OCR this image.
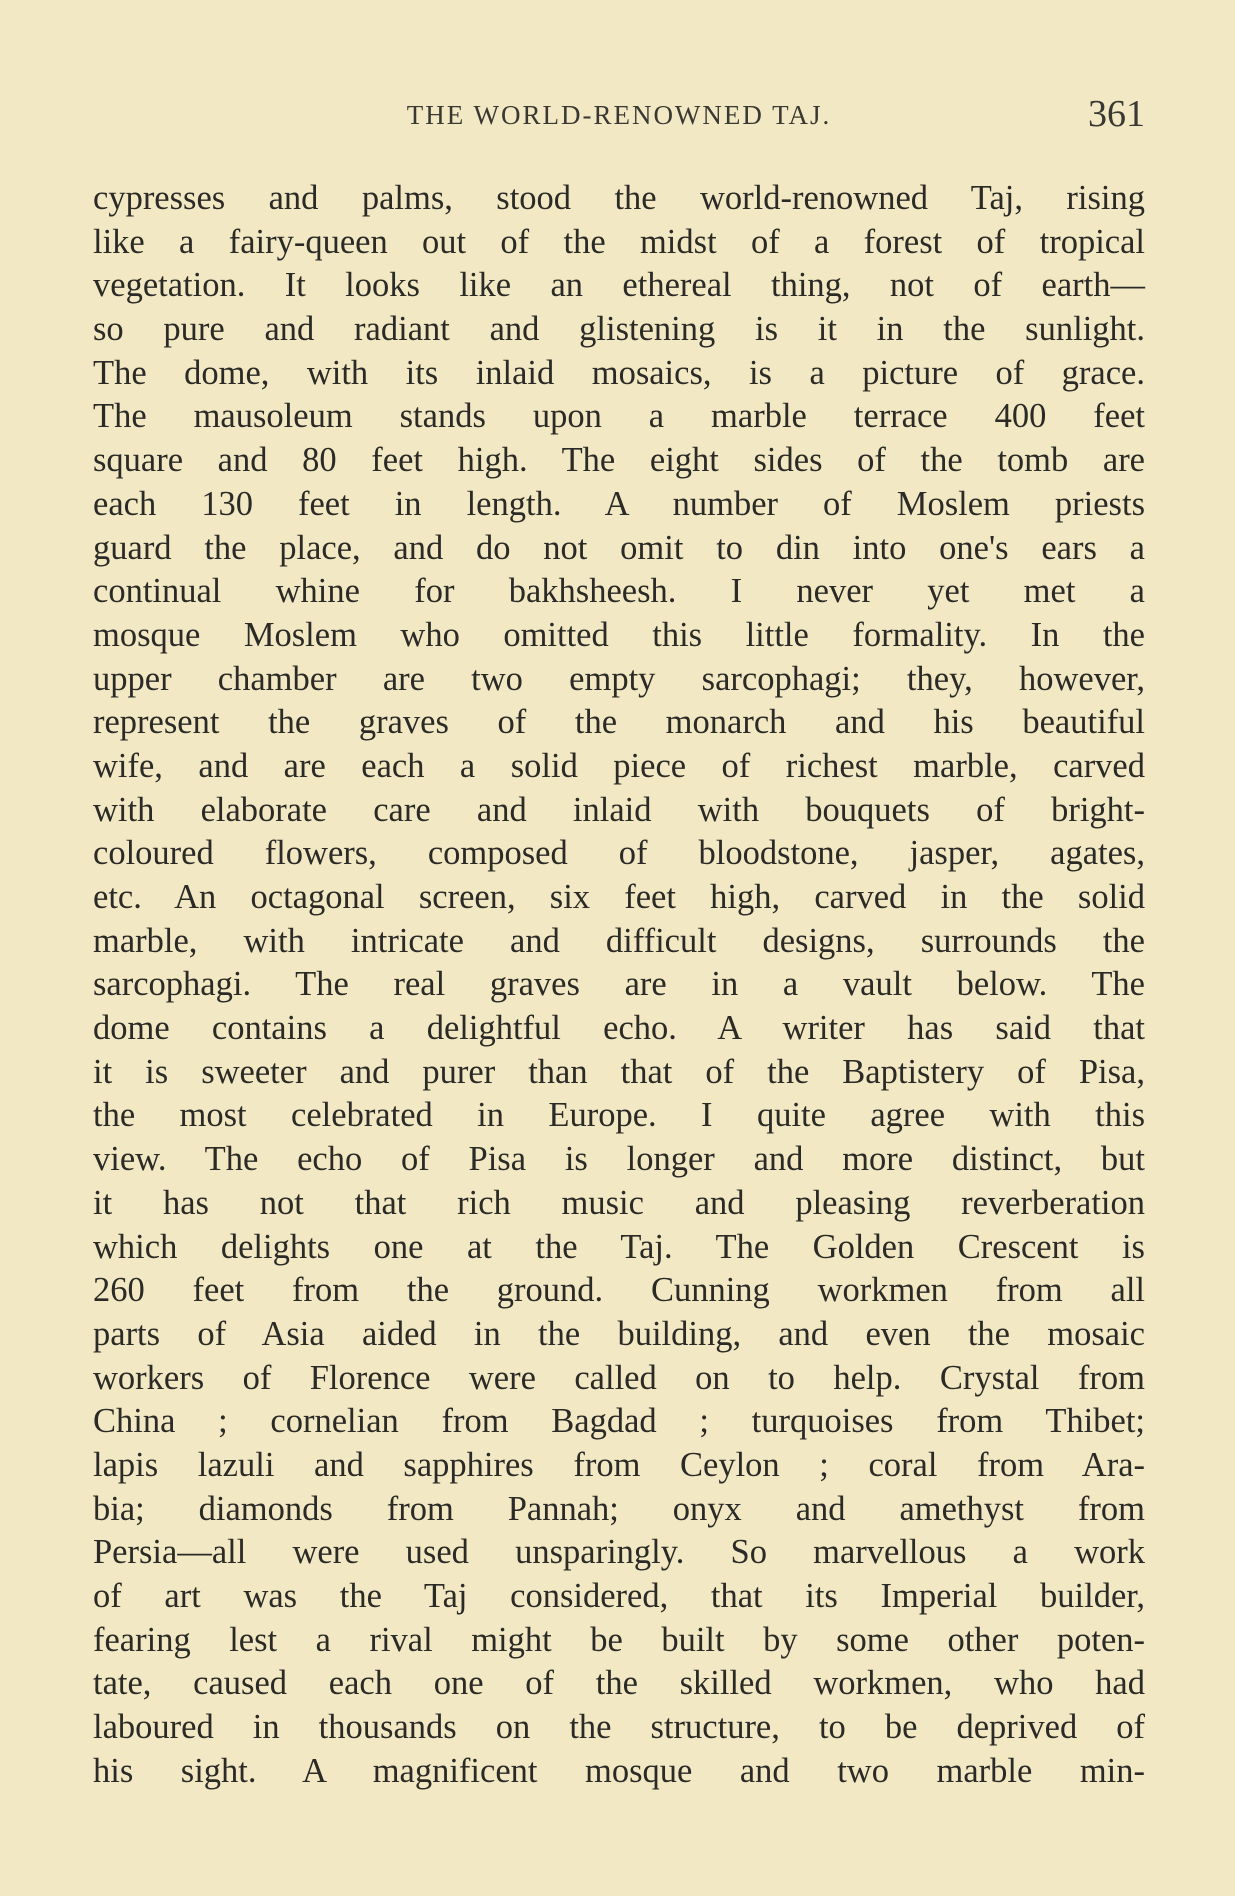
THE WORLD-RENOWNED TAJ.	361
cypresses and palms, stood the world-renowned Taj, rising
like a fairy-queen out of the midst of a forest of tropical
vegetation. It looks like an ethereal thing, not of earth—
so pure and radiant and glistening is it in the sunlight.
The dome, with its inlaid mosaics, is a picture of grace.
The mausoleum stands upon a marble terrace 400 feet
square and 80 feet high. The eight sides of the tomb are
each 130 feet in length. A number of Moslem priests
guard the place, and do not omit to din into one's ears a
continual whine for bakhsheesh. I never yet met a
mosque Moslem who omitted this little formality. In the
upper chamber are two empty sarcophagi; they, however,
represent the graves of the monarch and his beautiful
wife, and are each a solid piece of richest marble, carved
with elaborate care and inlaid with bouquets of bright-
coloured flowers, composed of bloodstone, jasper, agates,
etc. An octagonal screen, six feet high, carved in the solid
marble, with intricate and difficult designs, surrounds the
sarcophagi. The real graves are in a vault below. The
dome contains a delightful echo. A writer has said that
it is sweeter and purer than that of the Baptistery of Pisa,
the most celebrated in Europe. I quite agree with this
view. The echo of Pisa is longer and more distinct, but
it has not that rich music and pleasing reverberation
which delights one at the Taj. The Golden Crescent is
260 feet from the ground. Cunning workmen from all
parts of Asia aided in the building, and even the mosaic
workers of Florence were called on to help. Crystal from
China ; cornelian from Bagdad ; turquoises from Thibet;
lapis lazuli and sapphires from Ceylon ; coral from Ara-
bia; diamonds from Pannah; onyx and amethyst from
Persia—all were used unsparingly. So marvellous a work
of art was the Taj considered, that its Imperial builder,
fearing lest a rival might be built by some other poten-
tate, caused each one of the skilled workmen, who had
laboured in thousands on the structure, to be deprived of
his sight. A magnificent mosque and two marble min-
